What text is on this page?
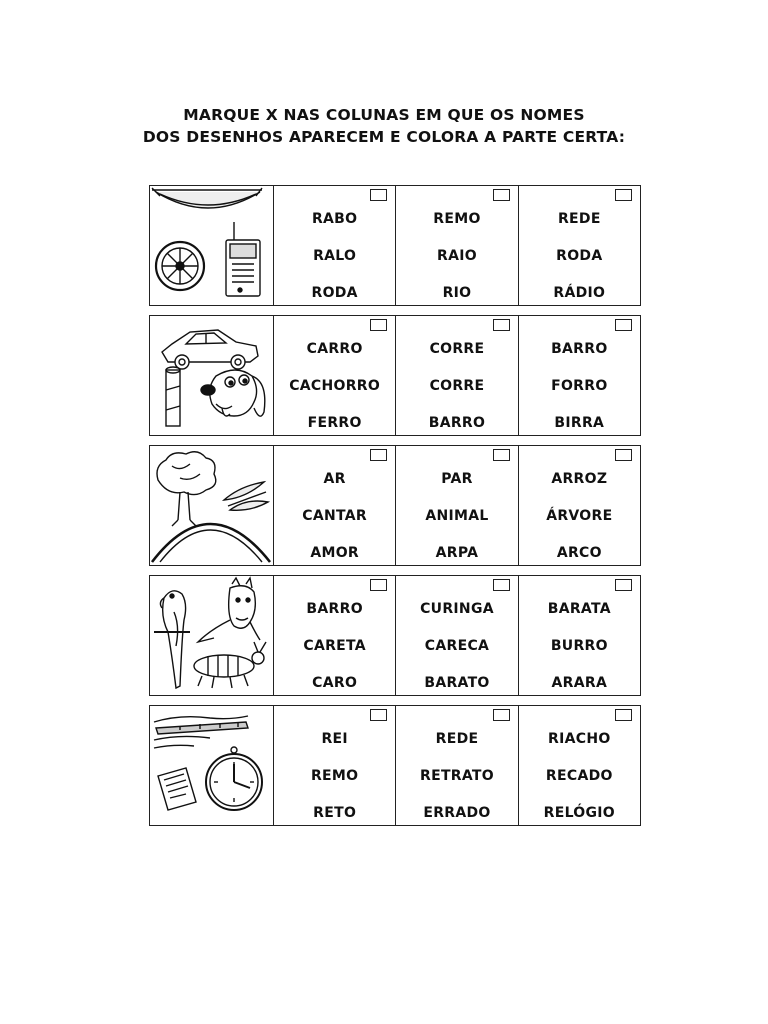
MARQUE X NAS COLUNAS EM QUE OS NOMES
DOS DESENHOS APARECEM E COLORA A PARTE CERTA:
RABO
RALO
RODA
REMO
RAIO
RIO
REDE
RODA
RÁDIO
CARRO
CACHORRO
FERRO
CORRE
CORRE
BARRO
BARRO
FORRO
BIRRA
AR
CANTAR
AMOR
PAR
ANIMAL
ARPA
ARROZ
ÁRVORE
ARCO
BARRO
CARETA
CARO
CURINGA
CARECA
BARATO
BARATA
BURRO
ARARA
REI
REMO
RETO
REDE
RETRATO
ERRADO
RIACHO
RECADO
RELÓGIO
